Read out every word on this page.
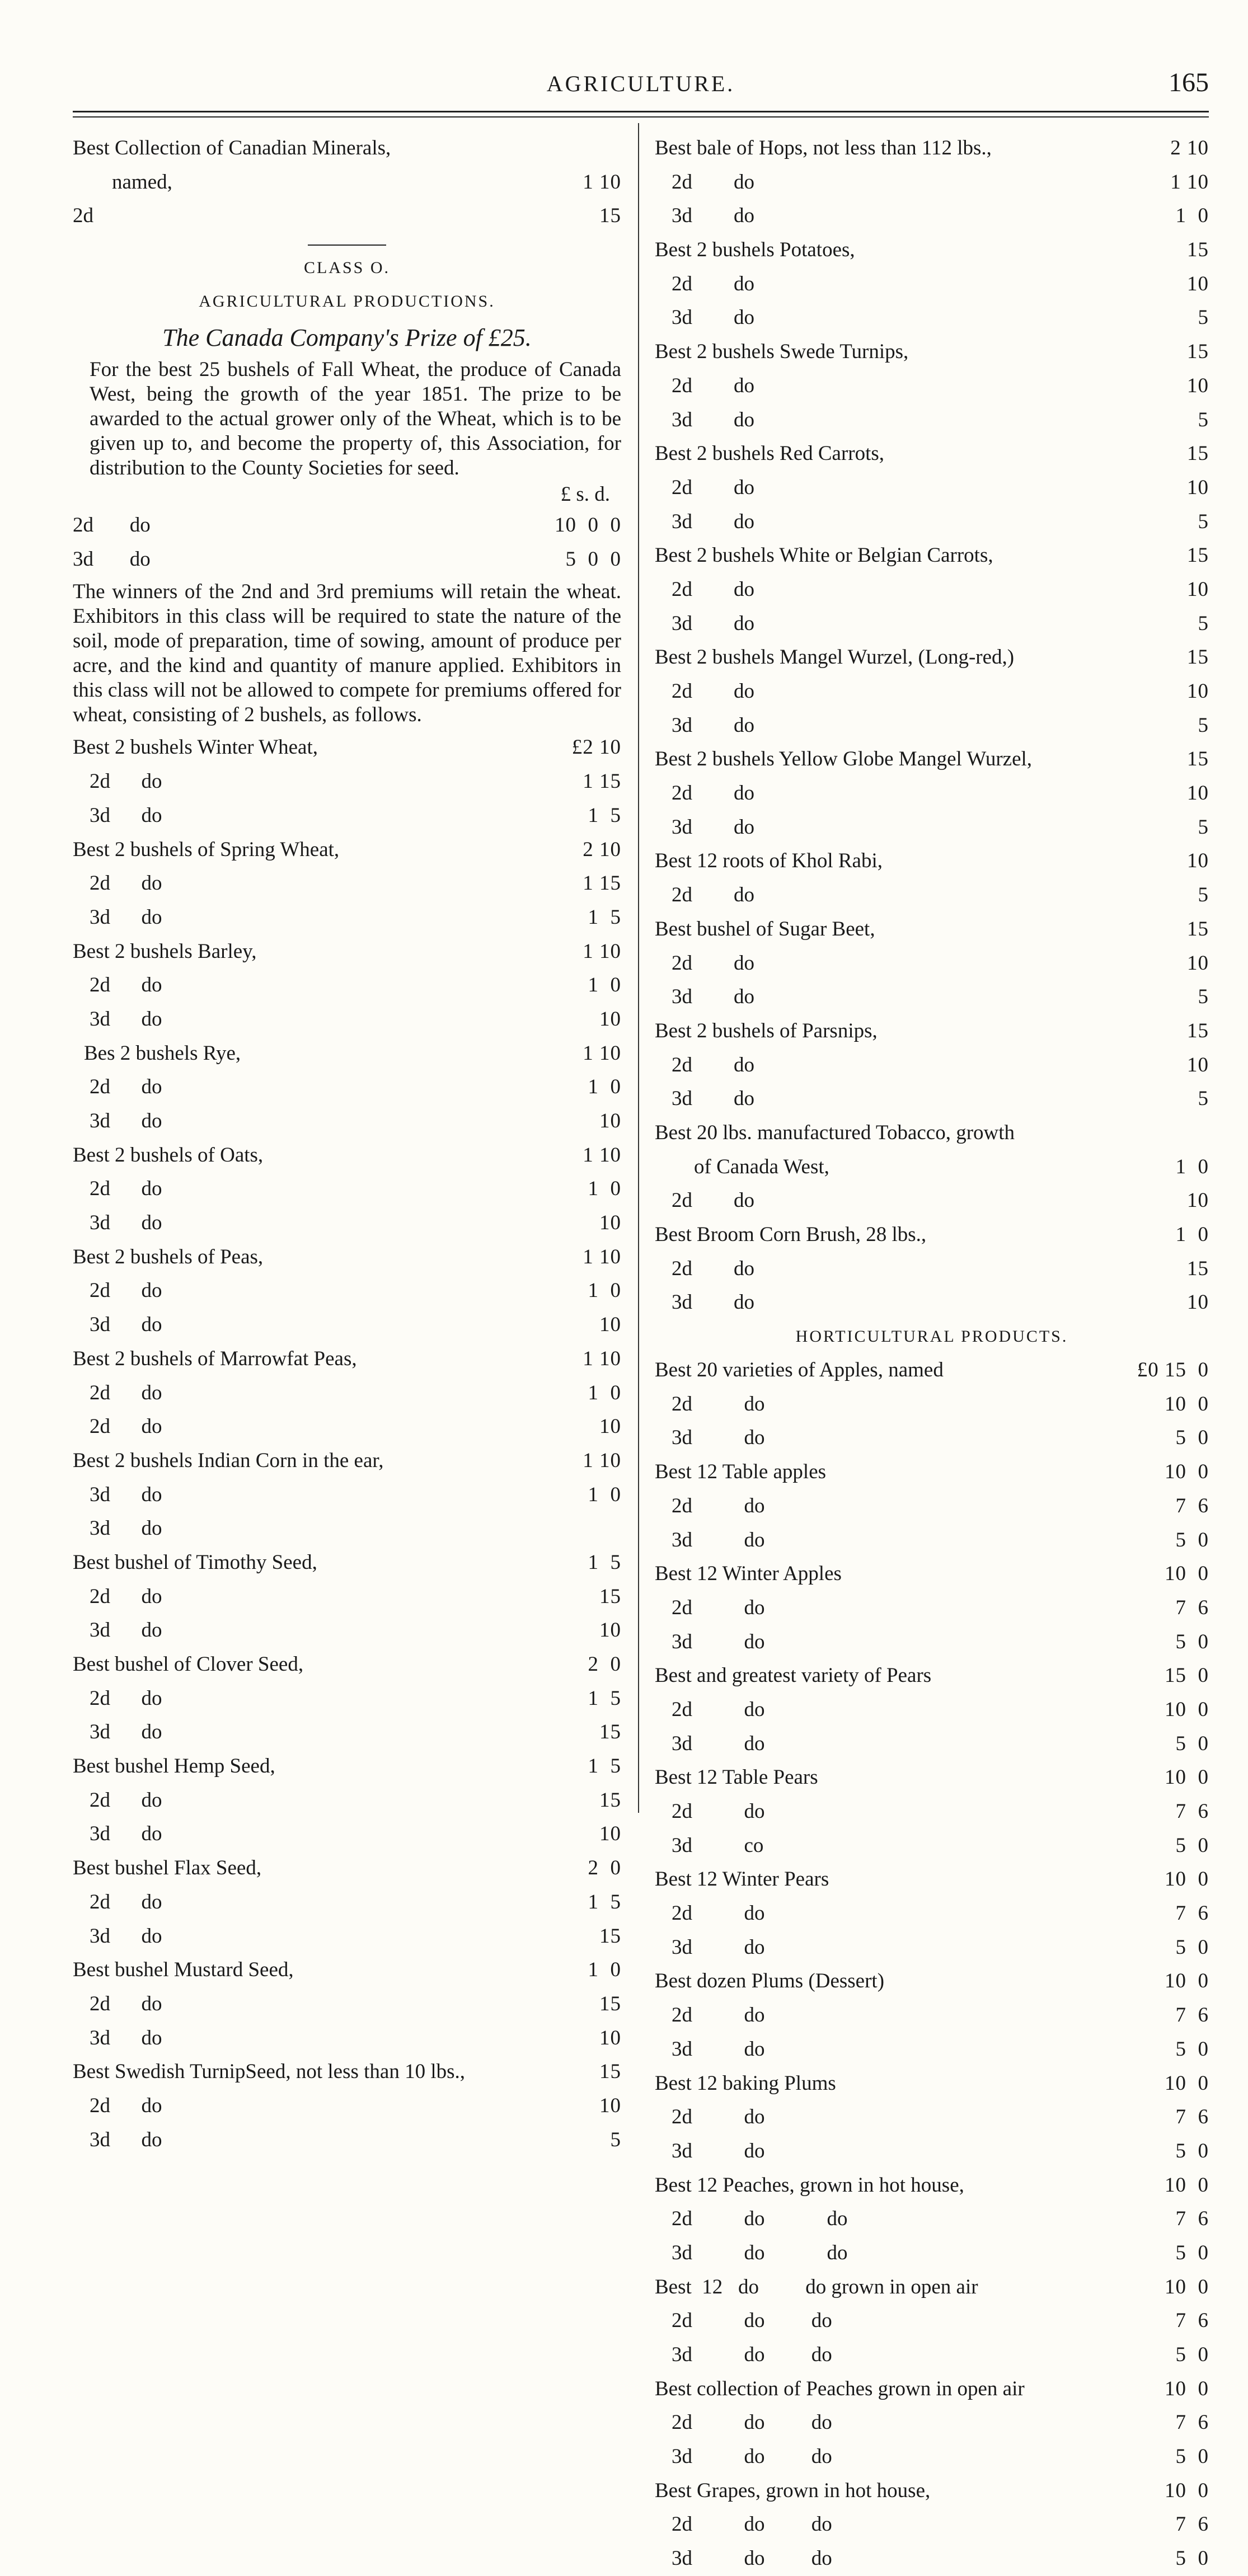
AGRICULTURE.	165
Best Collection of Canadian Minerals,
named,	1 10
2d	15
CLASS O.
AGRICULTURAL PRODUCTIONS.
The Canada Company's Prize of £25.
For the best 25 bushels of Fall Wheat, the produce of Canada West, being the growth of the year 1851. The prize to be awarded to the actual grower only of the Wheat, which is to be given up to, and become the property of, this Association, for distribution to the County Societies for seed.
£ s. d.
2d       do	10  0  0
3d       do	5  0  0
The winners of the 2nd and 3rd premiums will retain the wheat. Exhibitors in this class will be required to state the nature of the soil, mode of preparation, time of sowing, amount of produce per acre, and the kind and quantity of manure applied. Exhibitors in this class will not be allowed to compete for premiums offered for wheat, consisting of 2 bushels, as follows.
Best 2 bushels Winter Wheat,	£2 10
2d      do	1 15
3d      do	1  5
Best 2 bushels of Spring Wheat,	2 10
2d      do	1 15
3d      do	1  5
Best 2 bushels Barley,	1 10
2d      do	1  0
3d      do	10
Bes 2 bushels Rye,	1 10
2d      do	1  0
3d      do	10
Best 2 bushels of Oats,	1 10
2d      do	1  0
3d      do	10
Best 2 bushels of Peas,	1 10
2d      do	1  0
3d      do	10
Best 2 bushels of Marrowfat Peas,	1 10
2d      do	1  0
2d      do	10
Best 2 bushels Indian Corn in the ear,	1 10
3d      do	1  0
3d      do
Best bushel of Timothy Seed,	1  5
2d      do	15
3d      do	10
Best bushel of Clover Seed,	2  0
2d      do	1  5
3d      do	15
Best bushel Hemp Seed,	1  5
2d      do	15
3d      do	10
Best bushel Flax Seed,	2  0
2d      do	1  5
3d      do	15
Best bushel Mustard Seed,	1  0
2d      do	15
3d      do	10
Best Swedish TurnipSeed, not less than 10 lbs.,	15
2d      do	10
3d      do	5
Best bale of Hops, not less than 112 lbs.,	2 10
2d        do	1 10
3d        do	1  0
Best 2 bushels Potatoes,	15
2d        do	10
3d        do	5
Best 2 bushels Swede Turnips,	15
2d        do	10
3d        do	5
Best 2 bushels Red Carrots,	15
2d        do	10
3d        do	5
Best 2 bushels White or Belgian Carrots,	15
2d        do	10
3d        do	5
Best 2 bushels Mangel Wurzel, (Long-red,)	15
2d        do	10
3d        do	5
Best 2 bushels Yellow Globe Mangel Wurzel,	15
2d        do	10
3d        do	5
Best 12 roots of Khol Rabi,	10
2d        do	5
Best bushel of Sugar Beet,	15
2d        do	10
3d        do	5
Best 2 bushels of Parsnips,	15
2d        do	10
3d        do	5
Best 20 lbs. manufactured Tobacco, growth
of Canada West,	1  0
2d        do	10
Best Broom Corn Brush, 28 lbs.,	1  0
2d        do	15
3d        do	10
HORTICULTURAL PRODUCTS.
Best 20 varieties of Apples, named	£0 15  0
2d          do	10  0
3d          do	5  0
Best 12 Table apples	10  0
2d          do	7  6
3d          do	5  0
Best 12 Winter Apples	10  0
2d          do	7  6
3d          do	5  0
Best and greatest variety of Pears	15  0
2d          do	10  0
3d          do	5  0
Best 12 Table Pears	10  0
2d          do	7  6
3d          co	5  0
Best 12 Winter Pears	10  0
2d          do	7  6
3d          do	5  0
Best dozen Plums (Dessert)	10  0
2d          do	7  6
3d          do	5  0
Best 12 baking Plums	10  0
2d          do	7  6
3d          do	5  0
Best 12 Peaches, grown in hot house,	10  0
2d          do            do	7  6
3d          do            do	5  0
Best  12   do         do grown in open air	10  0
2d          do         do	7  6
3d          do         do	5  0
Best collection of Peaches grown in open air	10  0
2d          do         do	7  6
3d          do         do	5  0
Best Grapes, grown in hot house,	10  0
2d          do         do	7  6
3d          do         do	5  0
